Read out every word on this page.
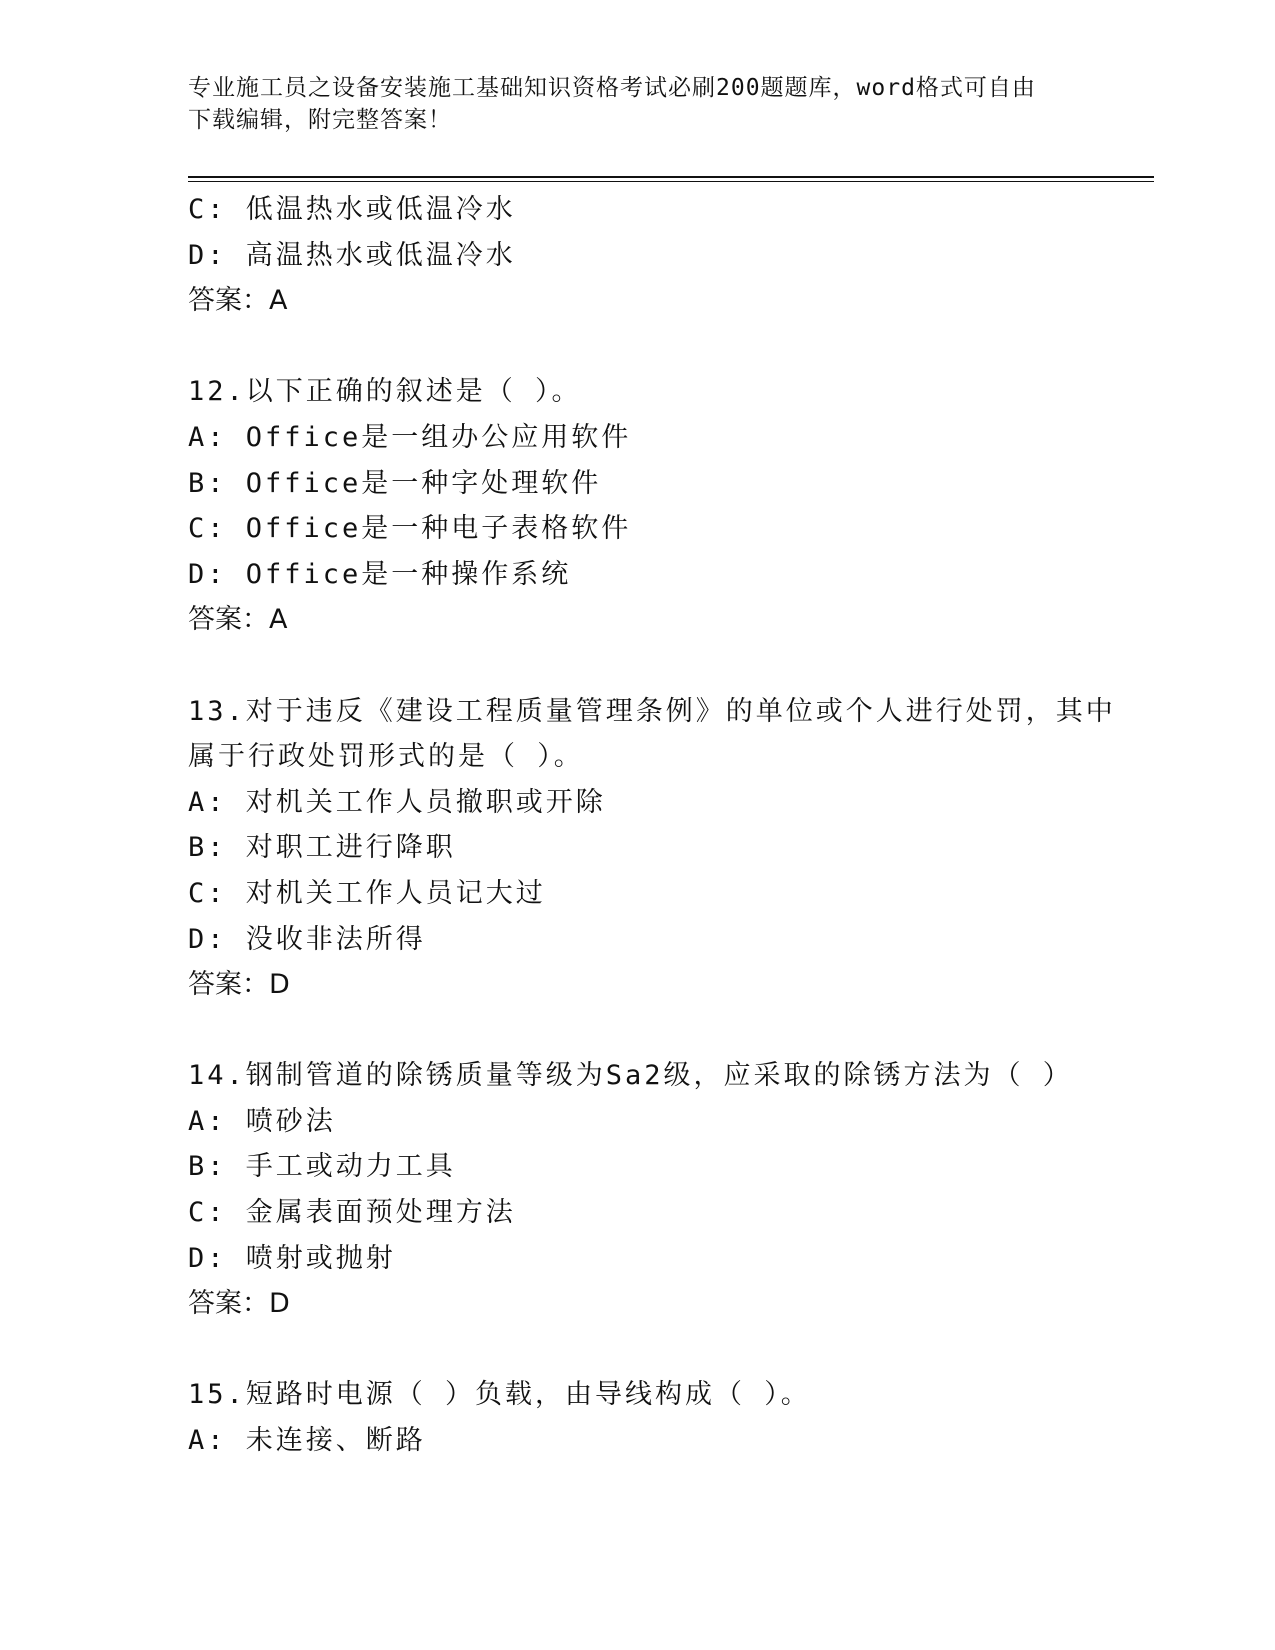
专业施工员之设备安装施工基础知识资格考试必刷200题题库，word格式可自由
下载编辑，附完整答案！
C: 低温热水或低温冷水
D: 高温热水或低温冷水
答案：A
12.以下正确的叙述是（ ）。
A: Office是一组办公应用软件
B: Office是一种字处理软件
C: Office是一种电子表格软件
D: Office是一种操作系统
答案：A
13.对于违反《建设工程质量管理条例》的单位或个人进行处罚，其中
属于行政处罚形式的是（ ）。
A: 对机关工作人员撤职或开除
B: 对职工进行降职
C: 对机关工作人员记大过
D: 没收非法所得
答案：D
14.钢制管道的除锈质量等级为Sa2级，应采取的除锈方法为（ ）
A: 喷砂法
B: 手工或动力工具
C: 金属表面预处理方法
D: 喷射或抛射
答案：D
15.短路时电源（ ）负载，由导线构成（ ）。
A: 未连接、断路
